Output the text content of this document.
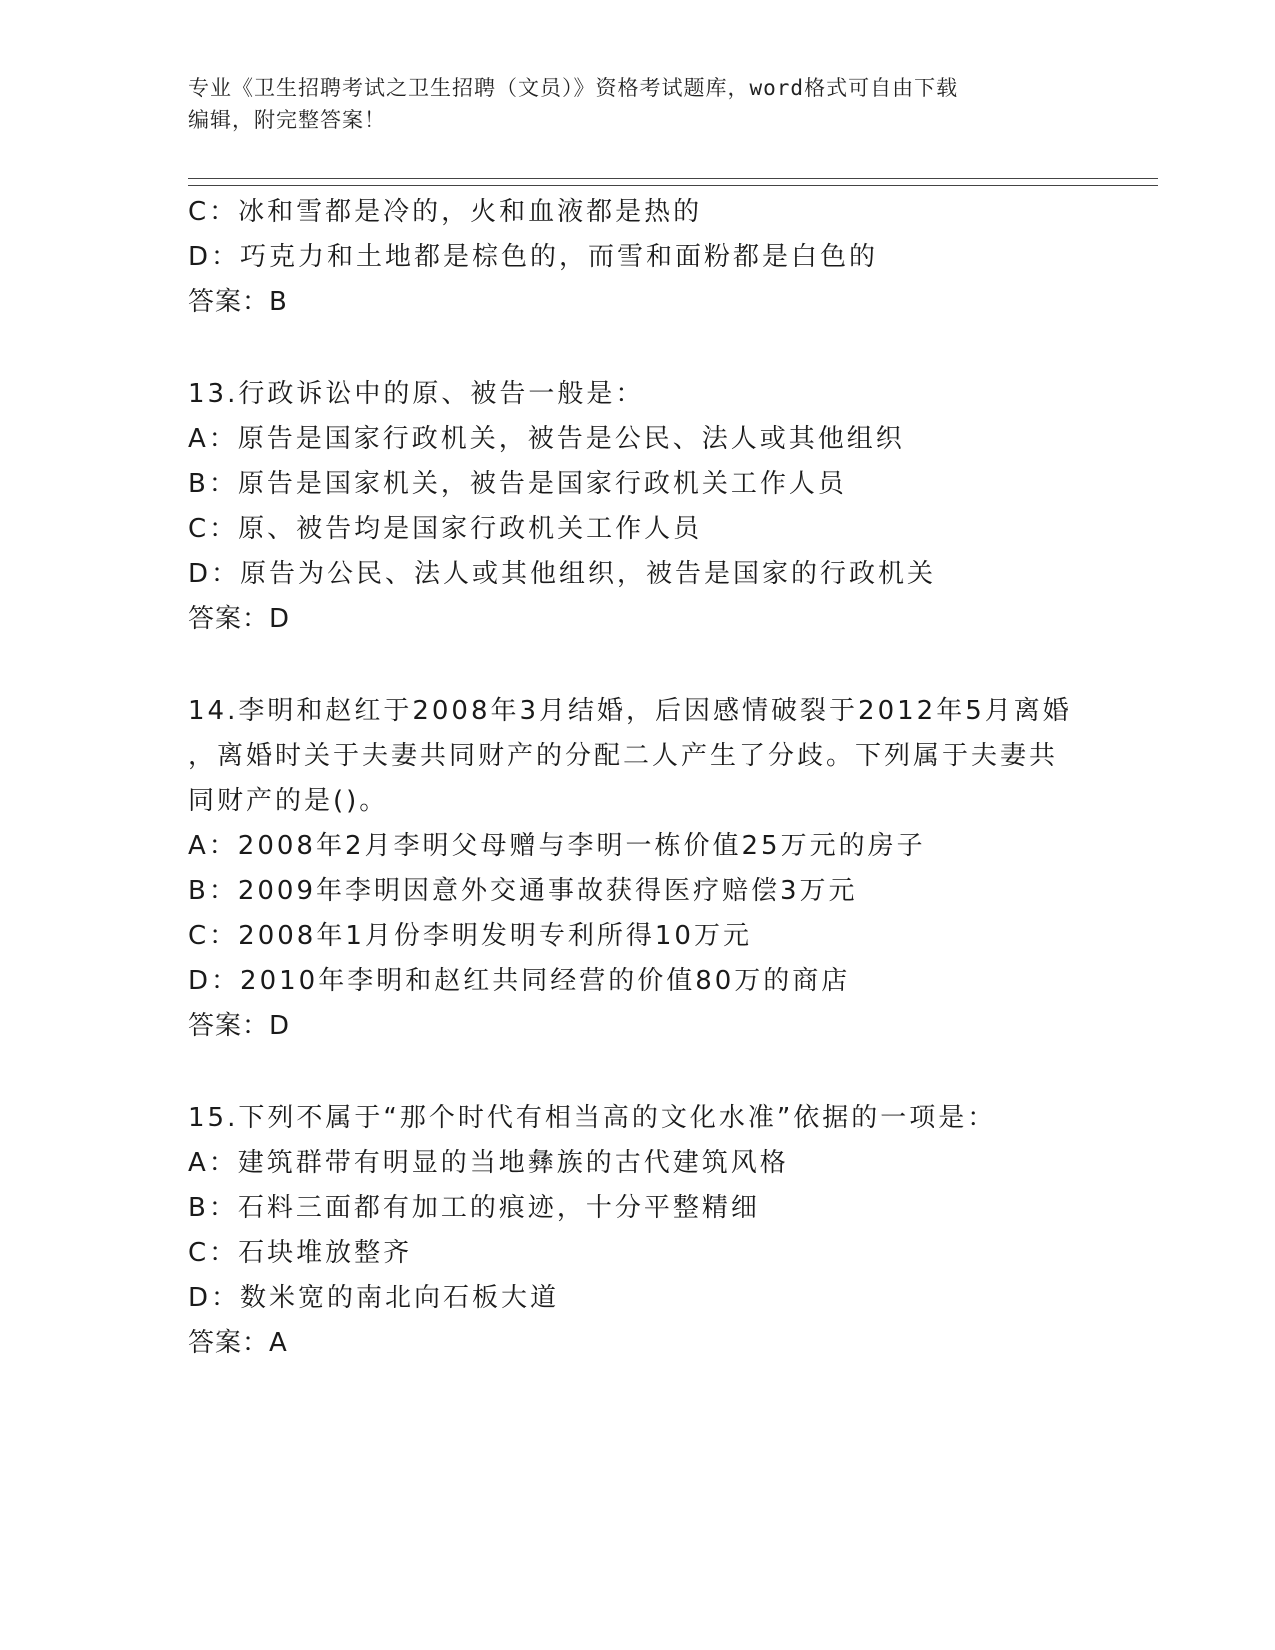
专业《卫生招聘考试之卫生招聘（文员）》资格考试题库，word格式可自由下载
编辑，附完整答案！

C：冰和雪都是冷的，火和血液都是热的

D：巧克力和土地都是棕色的，而雪和面粉都是白色的

答案：B

13.行政诉讼中的原、被告一般是：

A：原告是国家行政机关，被告是公民、法人或其他组织

B：原告是国家机关，被告是国家行政机关工作人员

C：原、被告均是国家行政机关工作人员

D：原告为公民、法人或其他组织，被告是国家的行政机关

答案：D

14.李明和赵红于2008年3月结婚，后因感情破裂于2012年5月离婚

，离婚时关于夫妻共同财产的分配二人产生了分歧。下列属于夫妻共

同财产的是()。

A：2008年2月李明父母赠与李明一栋价值25万元的房子

B：2009年李明因意外交通事故获得医疗赔偿3万元

C：2008年1月份李明发明专利所得10万元

D：2010年李明和赵红共同经营的价值80万的商店

答案：D

15.下列不属于“那个时代有相当高的文化水准”依据的一项是：

A：建筑群带有明显的当地彝族的古代建筑风格

B：石料三面都有加工的痕迹，十分平整精细

C：石块堆放整齐

D：数米宽的南北向石板大道

答案：A
